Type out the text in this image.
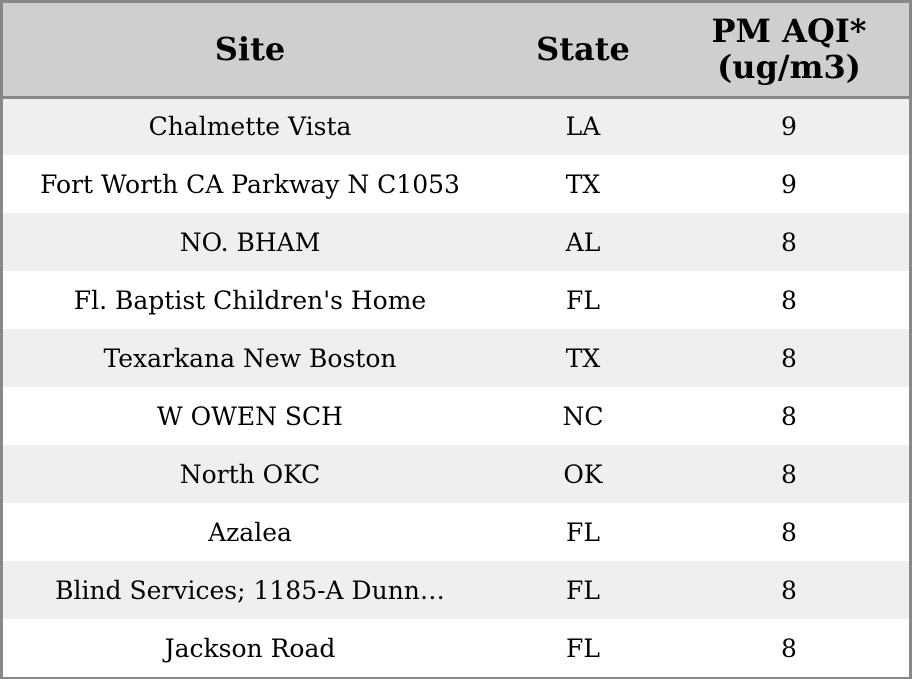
Site	State	PM AQI*
(ug/m3)

Chalmette Vista	LA	9
Fort Worth CA Parkway N C1053	TX	9
NO. BHAM	AL	8
Fl. Baptist Children's Home	FL	8
Texarkana New Boston	TX	8
W OWEN SCH	NC	8
North OKC	OK	8
Azalea	FL	8
Blind Services; 1185-A Dunn…	FL	8
Jackson Road	FL	8
